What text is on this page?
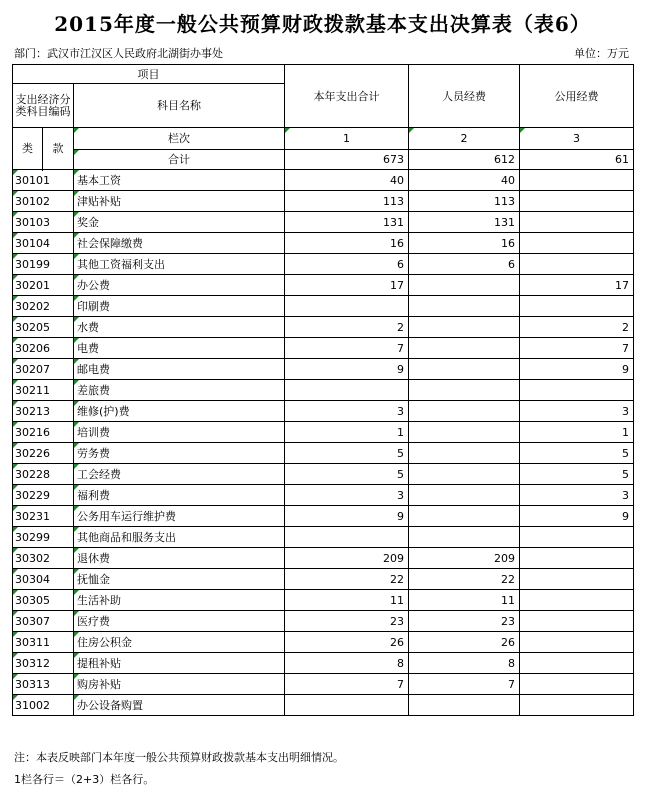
2015年度一般公共预算财政拨款基本支出决算表（表6）
部门：武汉市江汉区人民政府北湖街办事处	单位：万元
项目			本年支出合计	人员经费	公用经费
支出经济分类科目编码		科目名称			

类	款	栏次	1	2	3
		合计	673	612	61

30101		基本工资	40	40	
30102		津贴补贴	113	113	
30103		奖金	131	131	
30104		社会保障缴费	16	16	
30199		其他工资福利支出	6	6	
30201		办公费	17		17
30202		印刷费			
30205		水费	2		2
30206		电费	7		7
30207		邮电费	9		9
30211		差旅费			
30213		维修(护)费	3		3
30216		培训费	1		1
30226		劳务费	5		5
30228		工会经费	5		5
30229		福利费	3		3
30231		公务用车运行维护费	9		9
30299		其他商品和服务支出			
30302		退休费	209	209	
30304		抚恤金	22	22	
30305		生活补助	11	11	
30307		医疗费	23	23	
30311		住房公积金	26	26	
30312		提租补贴	8	8	
30313		购房补贴	7	7	
31002		办公设备购置			
注：本表反映部门本年度一般公共预算财政拨款基本支出明细情况。
1栏各行＝（2+3）栏各行。
